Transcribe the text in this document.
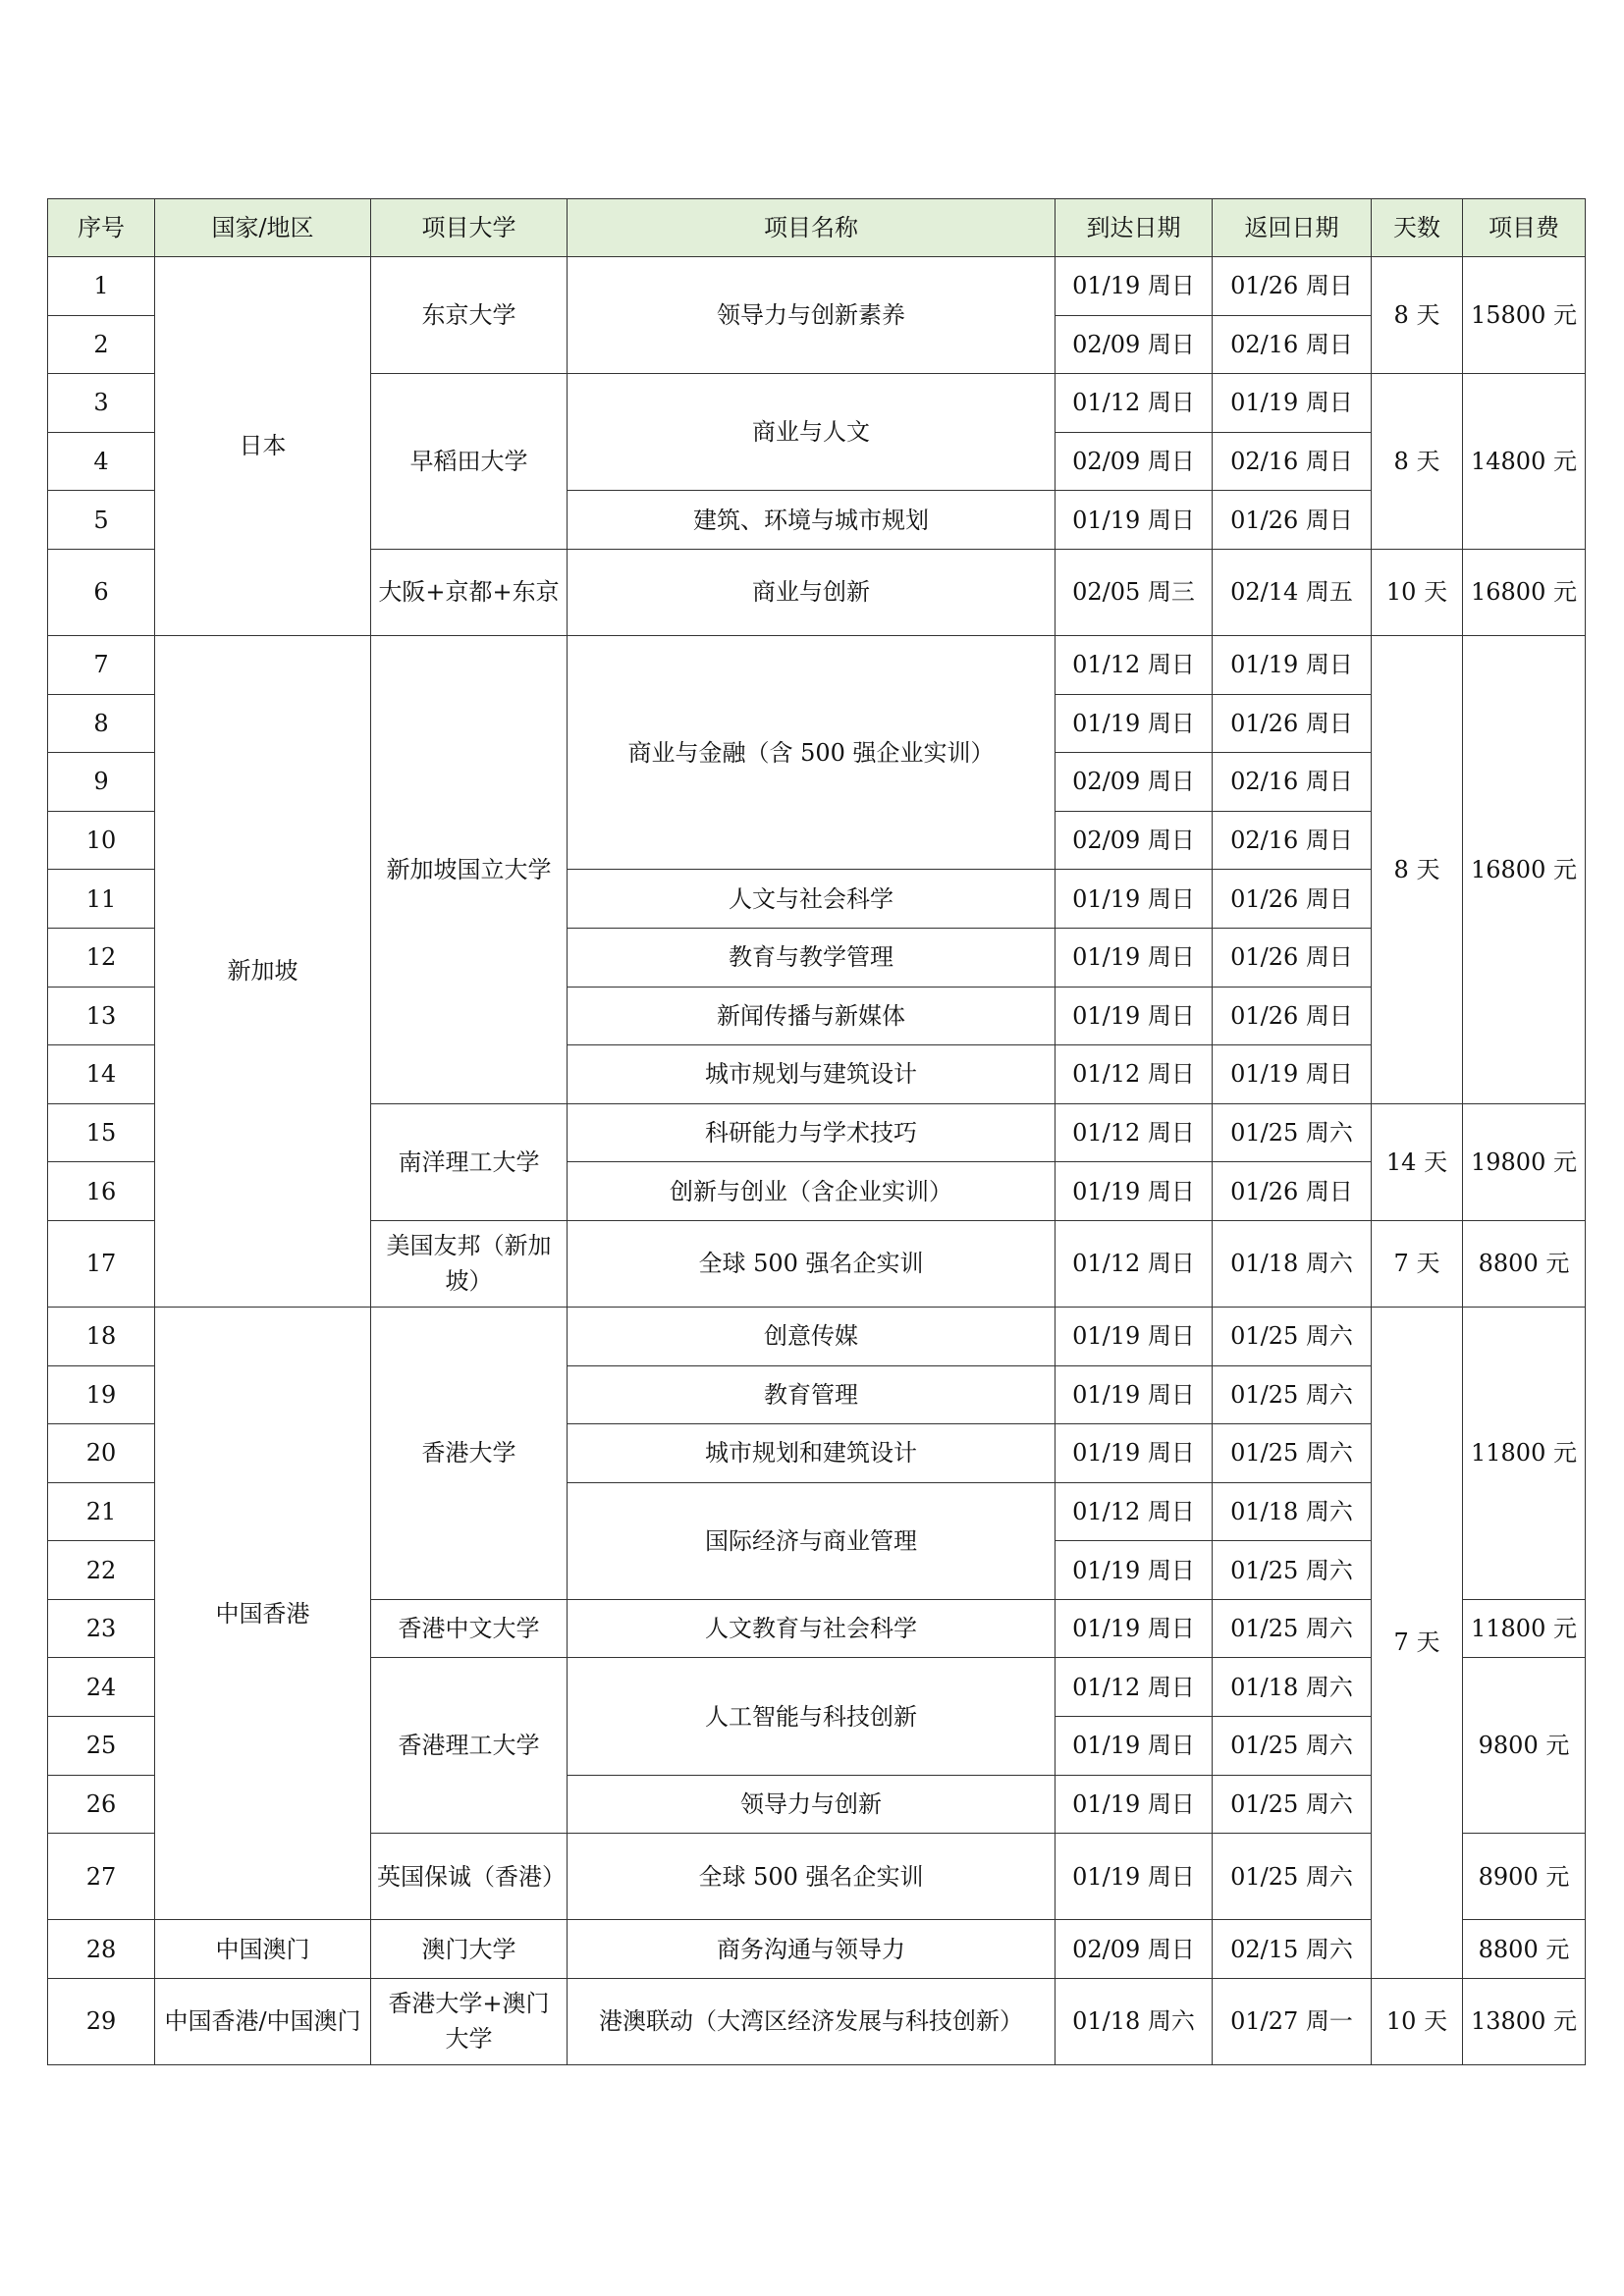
序号	国家/地区	项目大学	项目名称	到达日期	返回日期	天数	项目费
1	日本	东京大学	领导力与创新素养	01/19 周日	01/26 周日	8 天	15800 元
2				02/09 周日	02/16 周日		
3		早稻田大学	商业与人文	01/12 周日	01/19 周日	8 天	14800 元
4				02/09 周日	02/16 周日		
5			建筑、环境与城市规划	01/19 周日	01/26 周日		
6		大阪+京都+东京	商业与创新	02/05 周三	02/14 周五	10 天	16800 元
7	新加坡	新加坡国立大学	商业与金融（含 500 强企业实训）	01/12 周日	01/19 周日	8 天	16800 元
8				01/19 周日	01/26 周日		
9				02/09 周日	02/16 周日		
10				02/09 周日	02/16 周日		
11			人文与社会科学	01/19 周日	01/26 周日		
12			教育与教学管理	01/19 周日	01/26 周日		
13			新闻传播与新媒体	01/19 周日	01/26 周日		
14			城市规划与建筑设计	01/12 周日	01/19 周日		
15		南洋理工大学	科研能力与学术技巧	01/12 周日	01/25 周六	14 天	19800 元
16			创新与创业（含企业实训）	01/19 周日	01/26 周日		
17		美国友邦（新加坡）	全球 500 强名企实训	01/12 周日	01/18 周六	7 天	8800 元
18	中国香港	香港大学	创意传媒	01/19 周日	01/25 周六	7 天	11800 元
19			教育管理	01/19 周日	01/25 周六		
20			城市规划和建筑设计	01/19 周日	01/25 周六		
21			国际经济与商业管理	01/12 周日	01/18 周六		
22				01/19 周日	01/25 周六		
23		香港中文大学	人文教育与社会科学	01/19 周日	01/25 周六		11800 元
24		香港理工大学	人工智能与科技创新	01/12 周日	01/18 周六		9800 元
25				01/19 周日	01/25 周六		
26			领导力与创新	01/19 周日	01/25 周六		
27		英国保诚（香港）	全球 500 强名企实训	01/19 周日	01/25 周六		8900 元
28	中国澳门	澳门大学	商务沟通与领导力	02/09 周日	02/15 周六		8800 元
29	中国香港/中国澳门	香港大学+澳门大学	港澳联动（大湾区经济发展与科技创新）	01/18 周六	01/27 周一	10 天	13800 元
